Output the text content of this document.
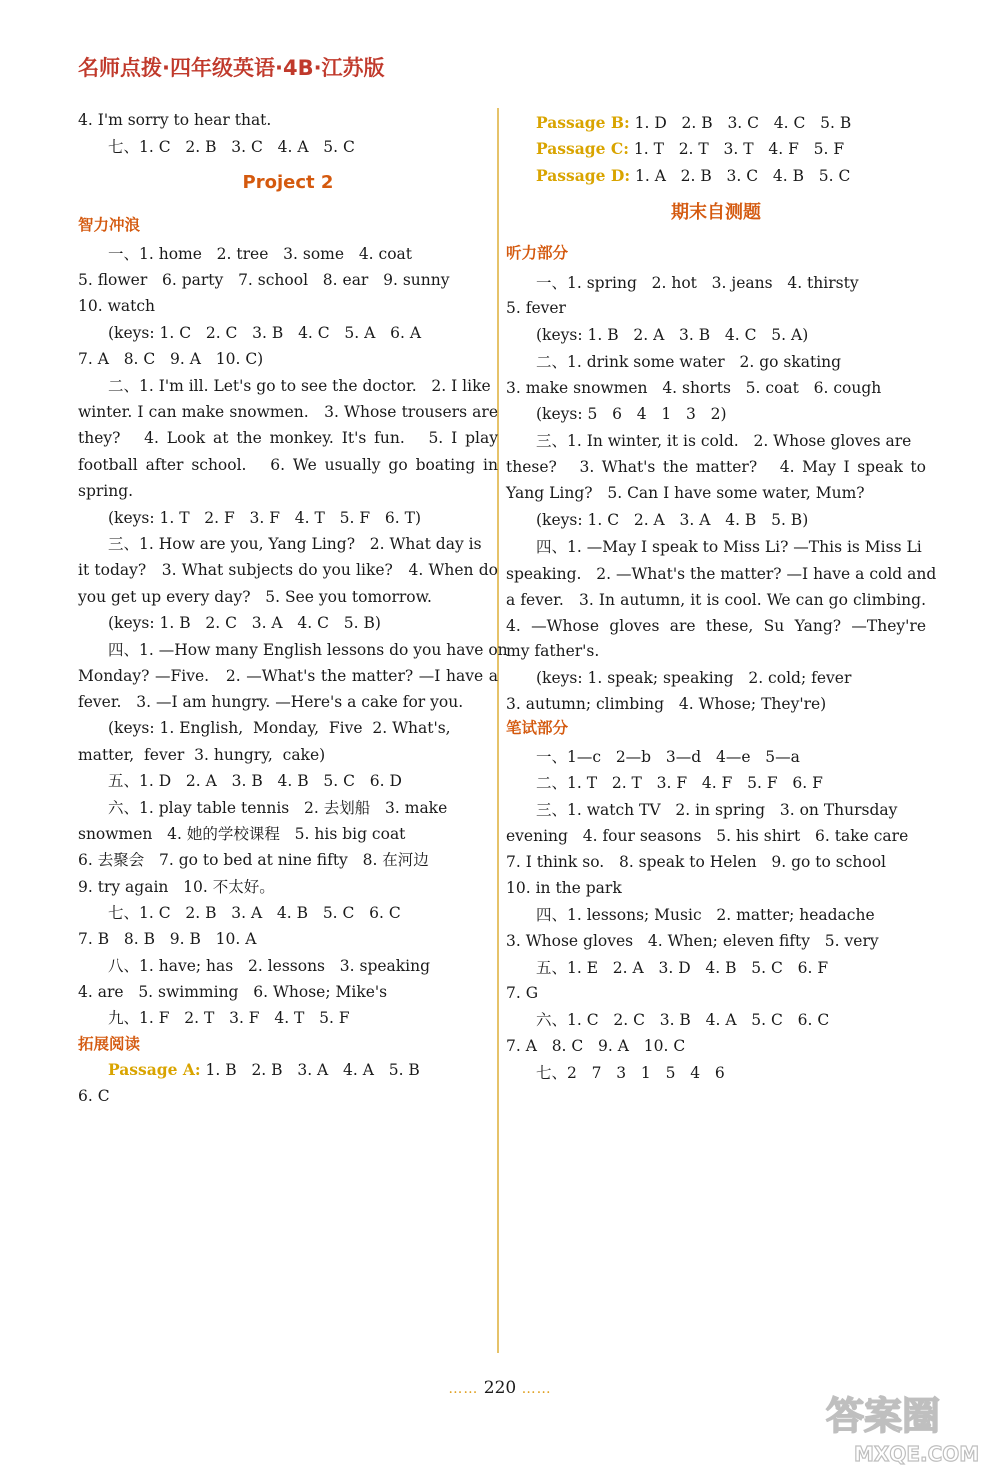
名师点拨·四年级英语·4B·江苏版
4. I'm sorry to hear that.
七、1. C   2. B   3. C   4. A   5. C
Project 2
智力冲浪
一、1. home   2. tree   3. some   4. coat
5. flower   6. party   7. school   8. ear   9. sunny
10. watch
(keys: 1. C   2. C   3. B   4. C   5. A   6. A
7. A   8. C   9. A   10. C)
二、1. I'm ill. Let's go to see the doctor.   2. I like
winter. I can make snowmen.   3. Whose trousers are
they?   4. Look at the monkey. It's fun.   5. I play
football after school.   6. We usually go boating in
spring.
(keys: 1. T   2. F   3. F   4. T   5. F   6. T)
三、1. How are you, Yang Ling?   2. What day is
it today?   3. What subjects do you like?   4. When do
you get up every day?   5. See you tomorrow.
(keys: 1. B   2. C   3. A   4. C   5. B)
四、1. —How many English lessons do you have on
Monday? —Five.   2. —What's the matter? —I have a
fever.   3. —I am hungry. —Here's a cake for you.
(keys: 1. English,  Monday,  Five  2. What's,
matter,  fever  3. hungry,  cake)
五、1. D   2. A   3. B   4. B   5. C   6. D
六、1. play table tennis   2. 去划船   3. make
snowmen   4. 她的学校课程   5. his big coat
6. 去聚会   7. go to bed at nine fifty   8. 在河边
9. try again   10. 不太好。
七、1. C   2. B   3. A   4. B   5. C   6. C
7. B   8. B   9. B   10. A
八、1. have; has   2. lessons   3. speaking
4. are   5. swimming   6. Whose; Mike's
九、1. F   2. T   3. F   4. T   5. F
拓展阅读
Passage A: 1. B   2. B   3. A   4. A   5. B
6. C
Passage B: 1. D   2. B   3. C   4. C   5. B
Passage C: 1. T   2. T   3. T   4. F   5. F
Passage D: 1. A   2. B   3. C   4. B   5. C
期末自测题
听力部分
一、1. spring   2. hot   3. jeans   4. thirsty
5. fever
(keys: 1. B   2. A   3. B   4. C   5. A)
二、1. drink some water   2. go skating
3. make snowmen   4. shorts   5. coat   6. cough
(keys: 5   6   4   1   3   2)
三、1. In winter, it is cold.   2. Whose gloves are
these?   3. What's the matter?   4. May I speak to
Yang Ling?   5. Can I have some water, Mum?
(keys: 1. C   2. A   3. A   4. B   5. B)
四、1. —May I speak to Miss Li? —This is Miss Li
speaking.   2. —What's the matter? —I have a cold and
a fever.   3. In autumn, it is cool. We can go climbing.
4. —Whose gloves are these, Su Yang? —They're
my father's.
(keys: 1. speak; speaking   2. cold; fever
3. autumn; climbing   4. Whose; They're)
笔试部分
一、1—c   2—b   3—d   4—e   5—a
二、1. T   2. T   3. F   4. F   5. F   6. F
三、1. watch TV   2. in spring   3. on Thursday
evening   4. four seasons   5. his shirt   6. take care
7. I think so.   8. speak to Helen   9. go to school
10. in the park
四、1. lessons; Music   2. matter; headache
3. Whose gloves   4. When; eleven fifty   5. very
五、1. E   2. A   3. D   4. B   5. C   6. F
7. G
六、1. C   2. C   3. B   4. A   5. C   6. C
7. A   8. C   9. A   10. C
七、2   7   3   1   5   4   6
…… 220 ……
答案圈
MXQE.COM
